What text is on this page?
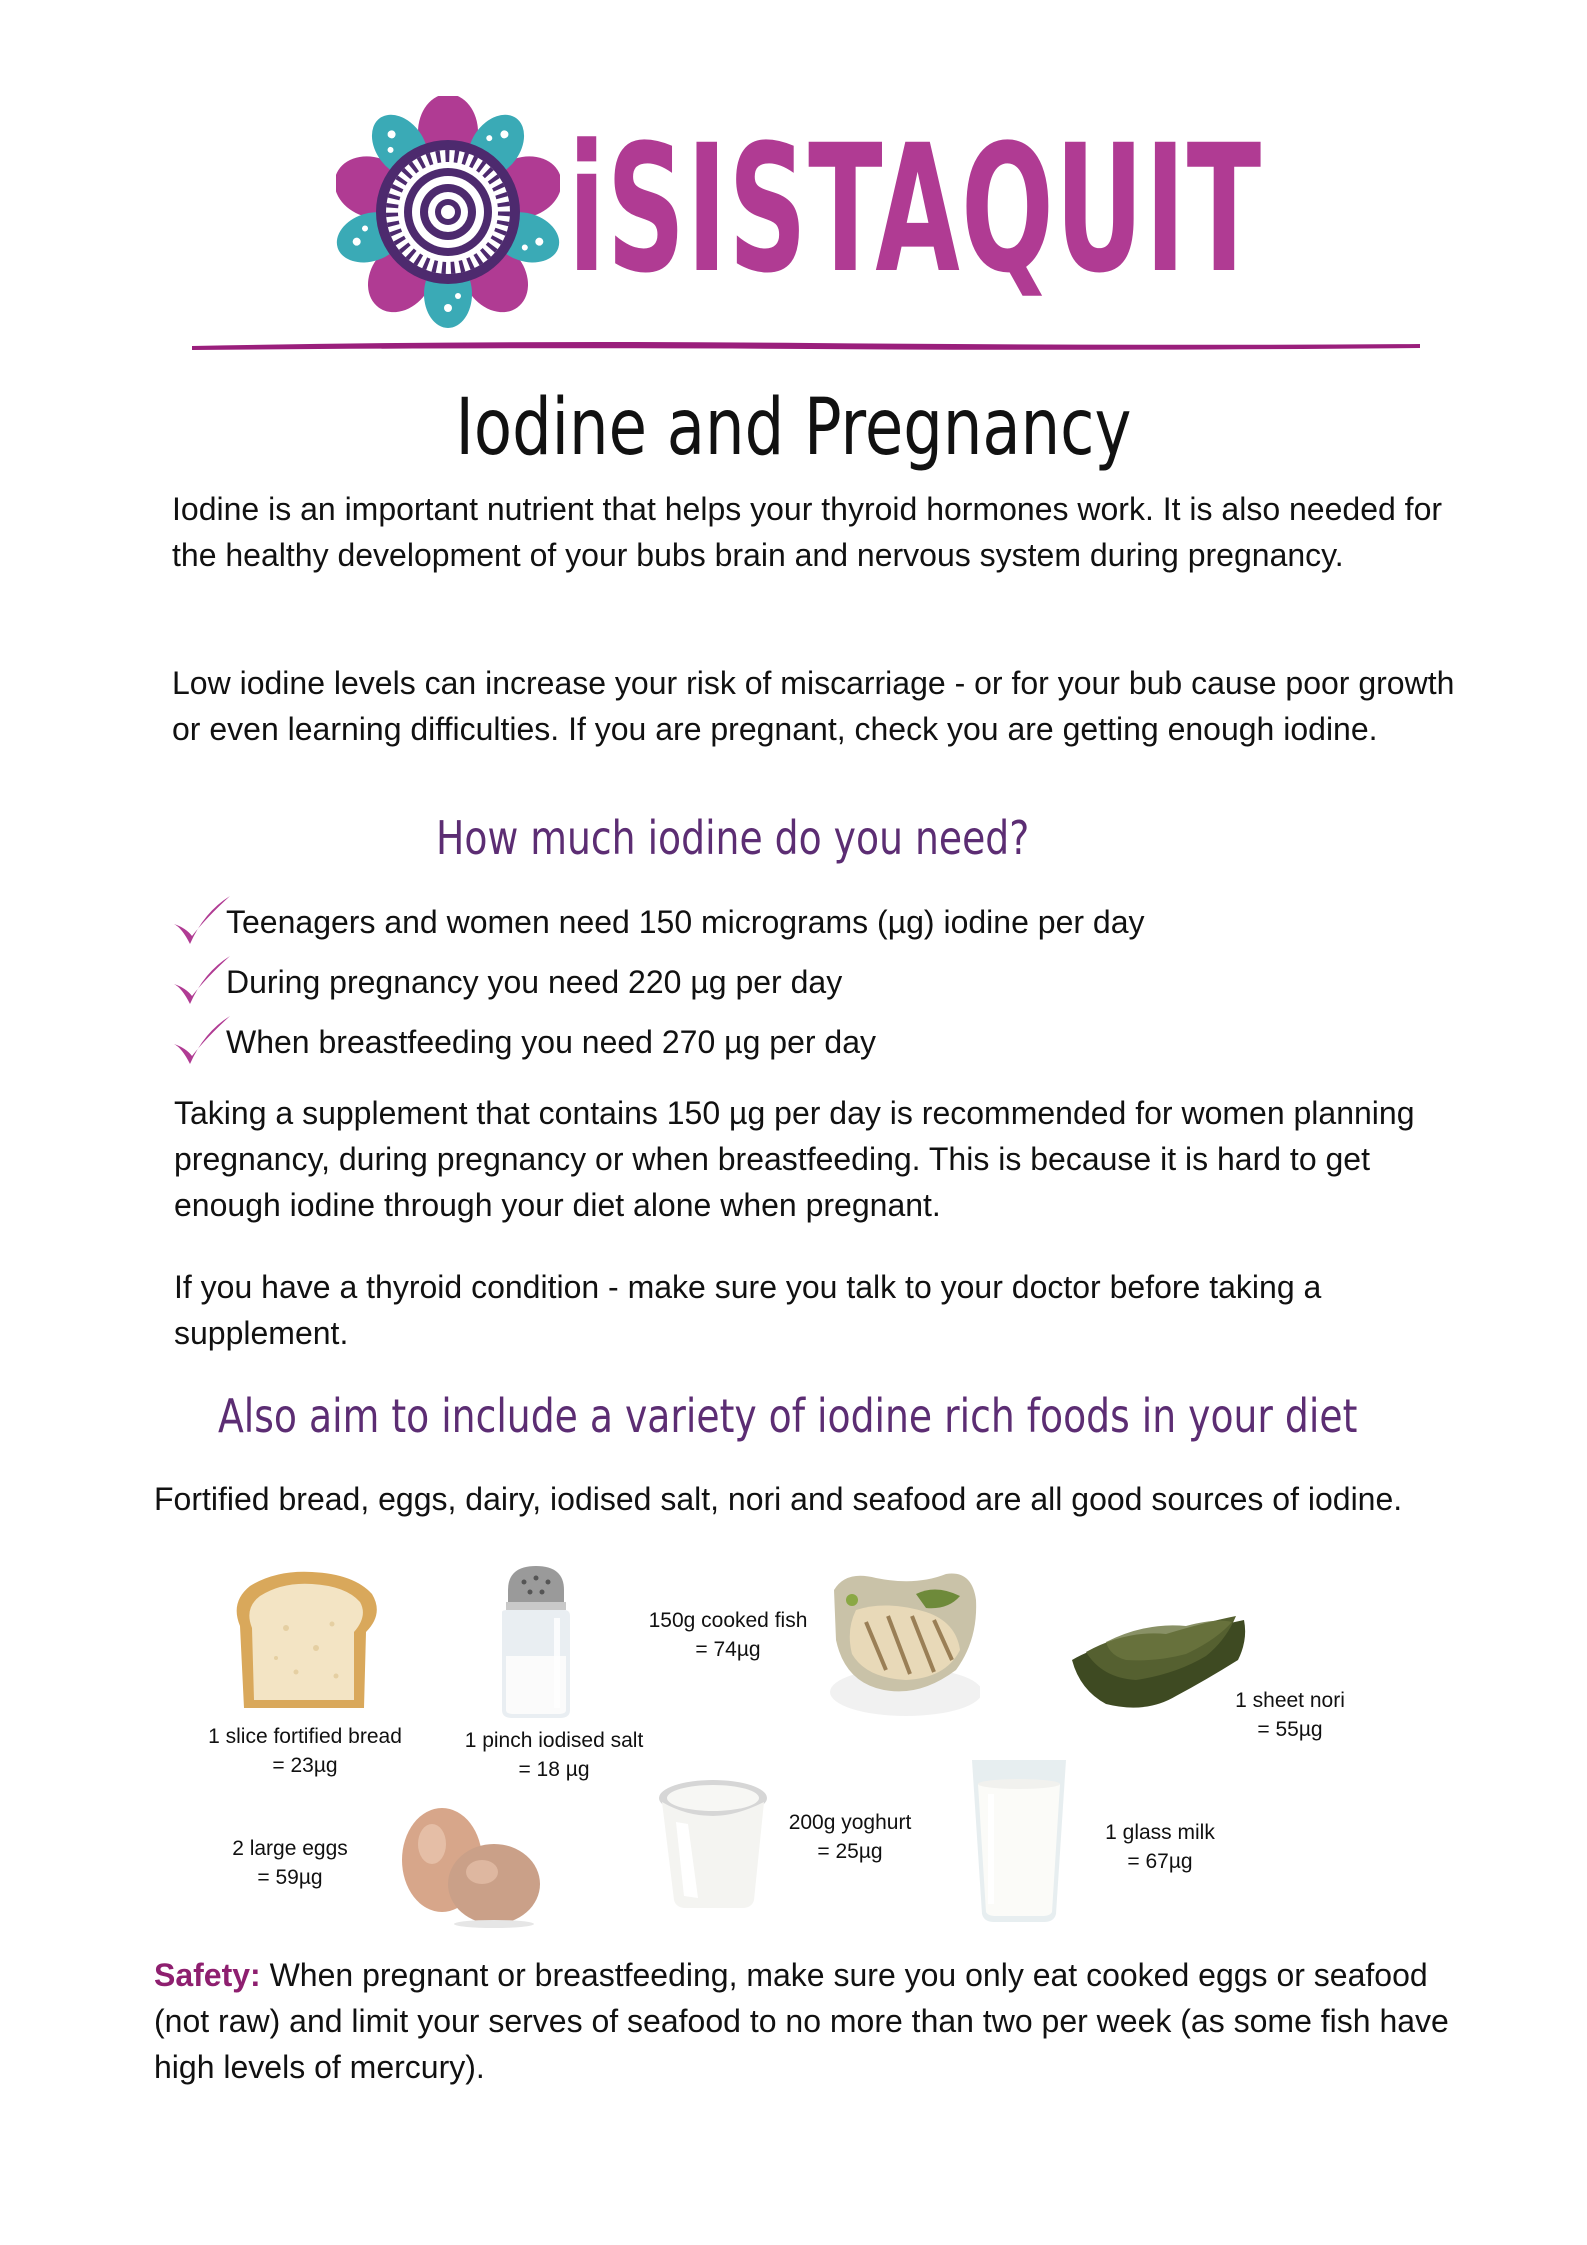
iSISTAQUIT
Iodine and Pregnancy
Iodine is an important nutrient that helps your thyroid hormones work. It is also needed for the healthy development of your bubs brain and nervous system during pregnancy.
Low iodine levels can increase your risk of miscarriage - or for your bub cause poor growth or even learning difficulties. If you are pregnant, check you are getting enough iodine.
How much iodine do you need?
Teenagers and women need 150 micrograms (µg) iodine per day
During pregnancy you need 220 µg per day
When breastfeeding you need 270 µg per day
Taking a supplement that contains 150 µg per day is recommended for women planning pregnancy, during pregnancy or when breastfeeding. This is because it is hard to get enough iodine through your diet alone when pregnant.
If you have a thyroid condition - make sure you talk to your doctor before taking a supplement.
Also aim to include a variety of iodine rich foods in your diet
Fortified bread, eggs, dairy, iodised salt, nori and seafood are all good sources of iodine.
1 slice fortified bread
= 23µg
1 pinch iodised salt
= 18 µg
150g cooked fish
= 74µg
1 sheet nori
= 55µg
2 large eggs
= 59µg
200g yoghurt
= 25µg
1 glass milk
= 67µg
Safety: When pregnant or breastfeeding, make sure you only eat cooked eggs or seafood (not raw) and limit your serves of seafood to no more than two per week (as some fish have high levels of mercury).
